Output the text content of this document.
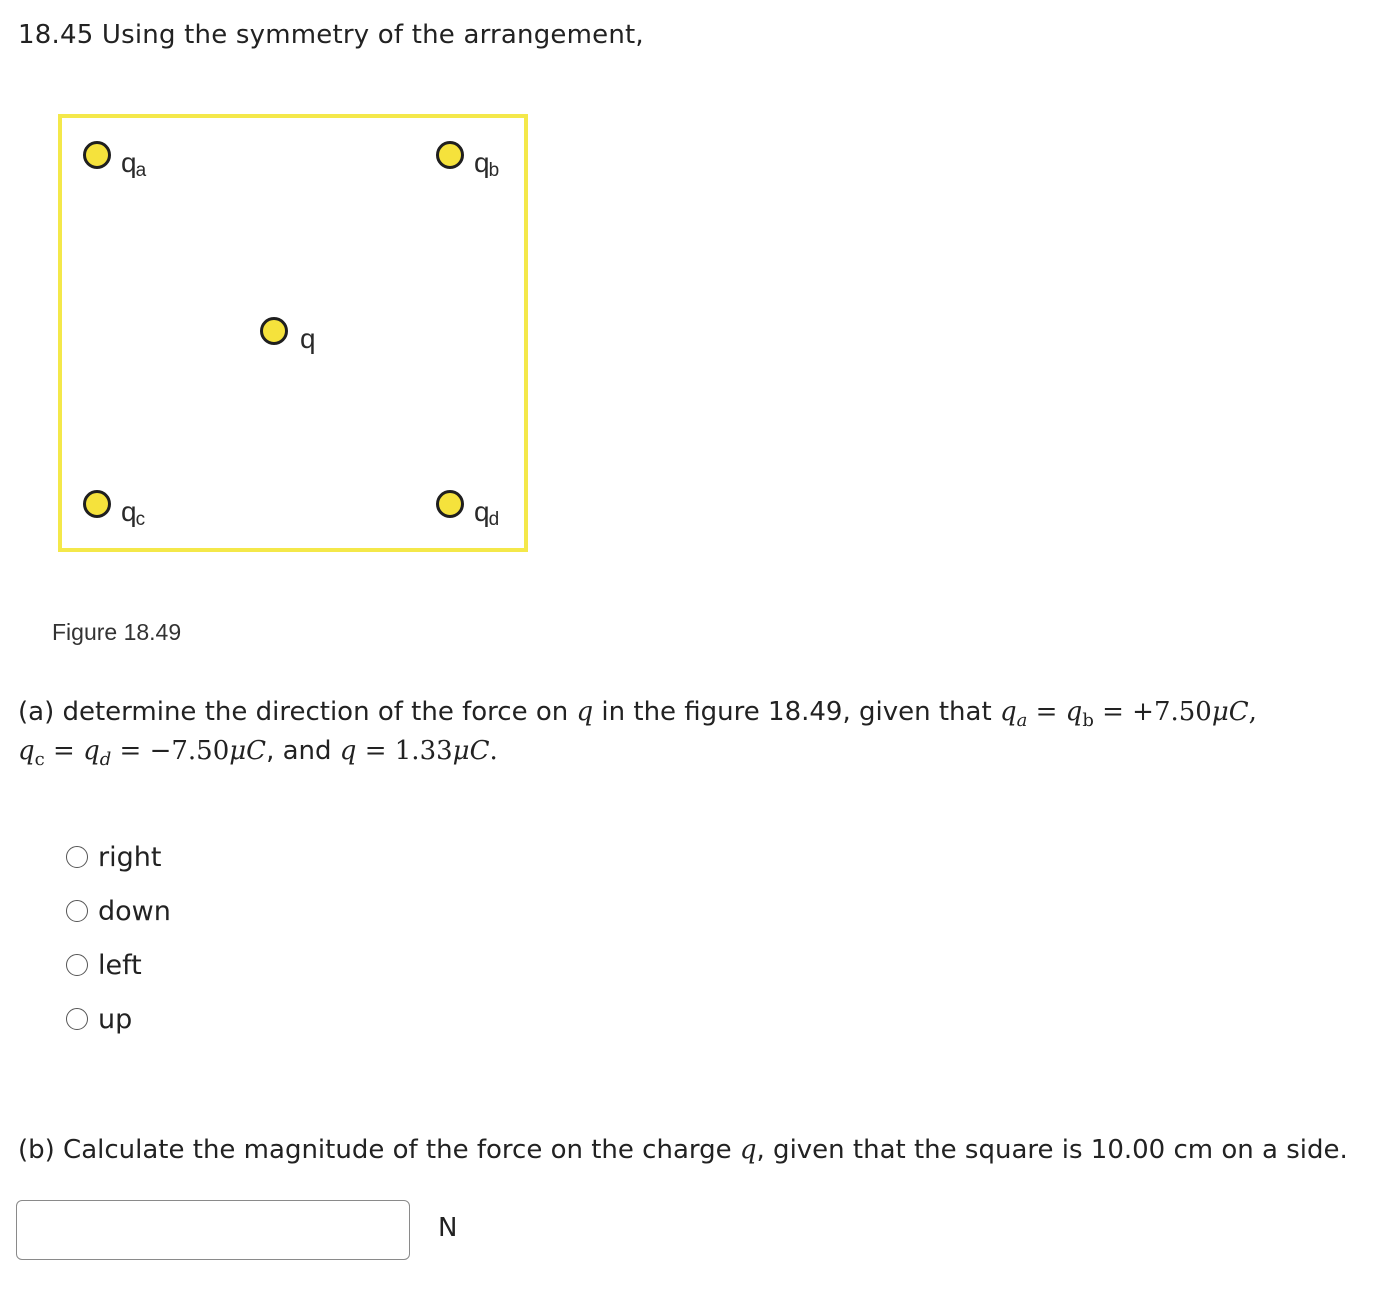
18.45 Using the symmetry of the arrangement,
$q_a$	$q_b$
q
$q_c$	$q_d$
Figure 18.49
(a) determine the direction of the force on q in the figure 18.49, given that $q_a = q_b = +7.50\mu C$,
$q_c = q_d = -7.50\mu C$, and q = 1.33μC.
right
down
left
up
(b) Calculate the magnitude of the force on the charge q, given that the square is 10.00 cm on a side.
N
